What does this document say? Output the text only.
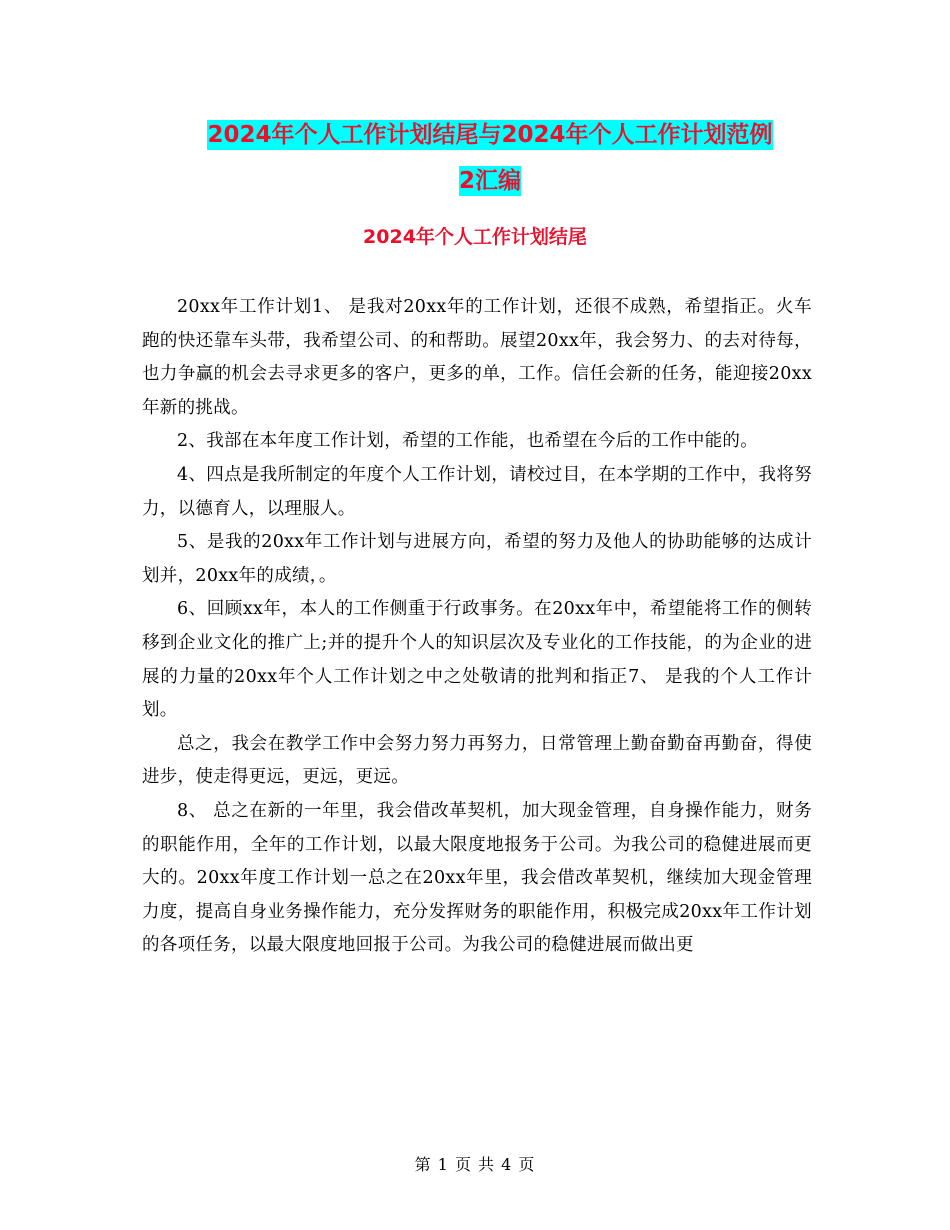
2024年个人工作计划结尾与2024年个人工作计划范例
2汇编
2024年个人工作计划结尾

20xx年工作计划1、 是我对20xx年的工作计划，还很不成熟，希望指正。火车跑的快还靠车头带，我希望公司、的和帮助。展望20xx年，我会努力、的去对待每，也力争赢的机会去寻求更多的客户，更多的单，工作。信任会新的任务，能迎接20xx年新的挑战。

2、我部在本年度工作计划，希望的工作能，也希望在今后的工作中能的。

4、四点是我所制定的年度个人工作计划，请校过目，在本学期的工作中，我将努力，以德育人，以理服人。

5、是我的20xx年工作计划与进展方向，希望的努力及他人的协助能够的达成计划并，20xx年的成绩，。

6、回顾xx年，本人的工作侧重于行政事务。在20xx年中，希望能将工作的侧转移到企业文化的推广上;并的提升个人的知识层次及专业化的工作技能，的为企业的进展的力量的20xx年个人工作计划之中之处敬请的批判和指正7、 是我的个人工作计划。

总之，我会在教学工作中会努力努力再努力，日常管理上勤奋勤奋再勤奋，得使进步，使走得更远，更远，更远。

8、 总之在新的一年里，我会借改革契机，加大现金管理，自身操作能力，财务的职能作用，全年的工作计划，以最大限度地报务于公司。为我公司的稳健进展而更大的。20xx年度工作计划一总之在20xx年里，我会借改革契机，继续加大现金管理力度，提高自身业务操作能力，充分发挥财务的职能作用，积极完成20xx年工作计划 的各项任务，以最大限度地回报于公司。为我公司的稳健进展而做出更

第 1 页 共 4 页
